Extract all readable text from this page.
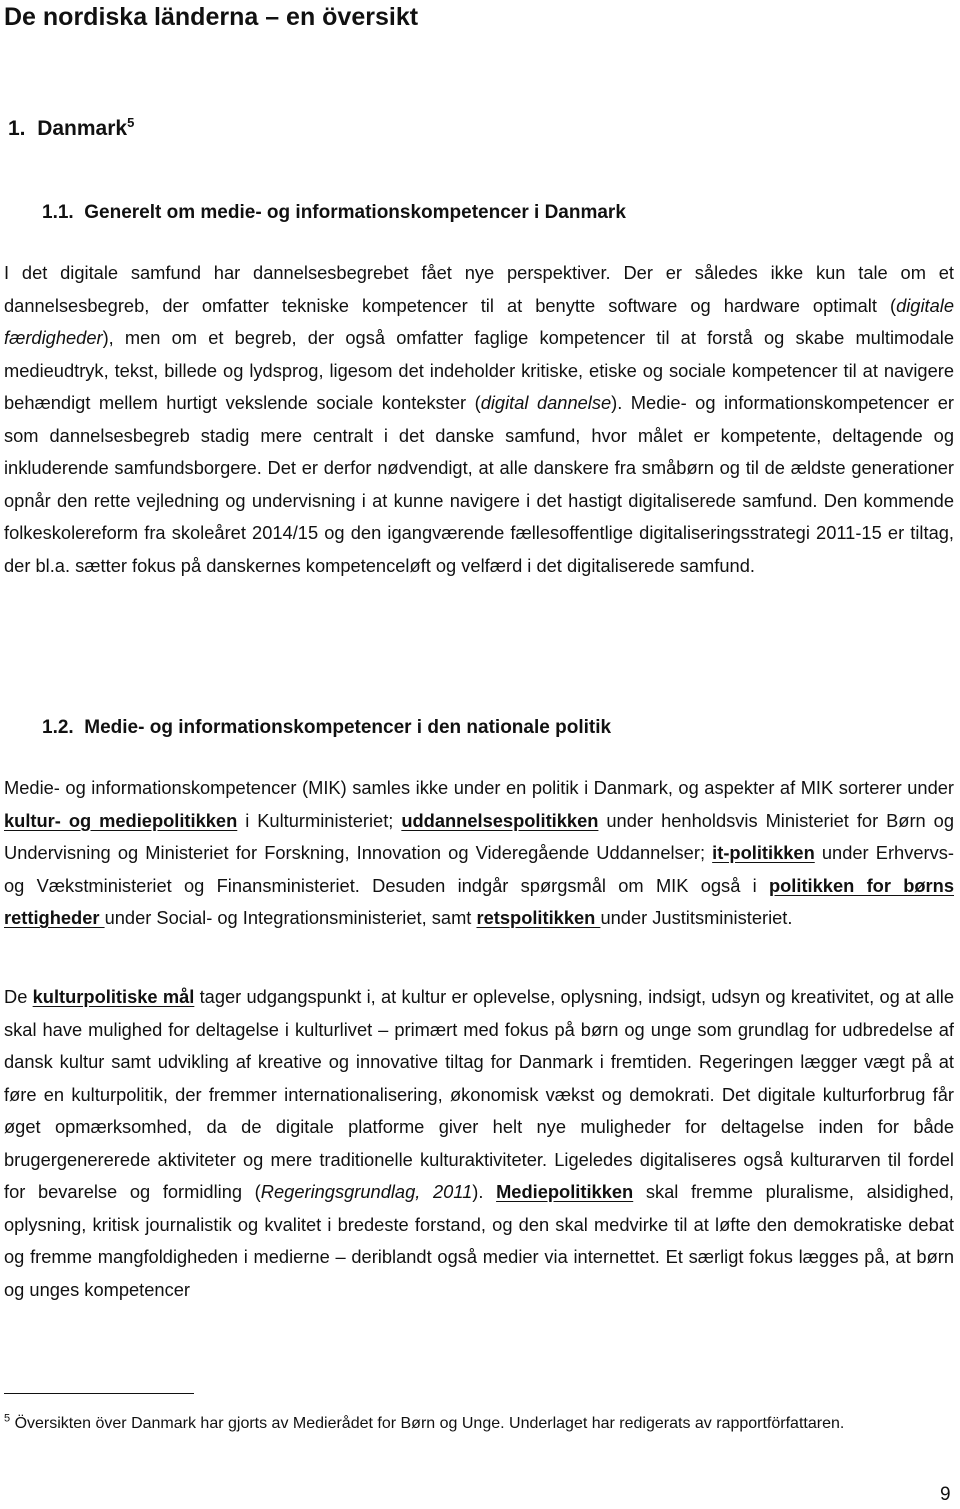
De nordiska länderna – en översikt
1. Danmark$^5$
1.1. Generelt om medie- og informationskompetencer i Danmark

I det digitale samfund har dannelsesbegrebet fået nye perspektiver. Der er således ikke kun tale om et dannelsesbegreb, der omfatter tekniske kompetencer til at benytte software og hardware optimalt (digitale færdigheder), men om et begreb, der også omfatter faglige kompetencer til at forstå og skabe multimodale medieudtryk, tekst, billede og lydsprog, ligesom det indeholder kritiske, etiske og sociale kompetencer til at navigere behændigt mellem hurtigt vekslende sociale kontekster (digital dannelse). Medie- og informationskompetencer er som dannelsesbegreb stadig mere centralt i det danske samfund, hvor målet er kompetente, deltagende og inkluderende samfundsborgere. Det er derfor nødvendigt, at alle danskere fra småbørn og til de ældste generationer opnår den rette vejledning og undervisning i at kunne navigere i det hastigt digitaliserede samfund. Den kommende folkeskolereform fra skoleåret 2014/15 og den igangværende fællesoffentlige digitaliseringsstrategi 2011-15 er tiltag, der bl.a. sætter fokus på danskernes kompetenceløft og velfærd i det digitaliserede samfund.

1.2. Medie- og informationskompetencer i den nationale politik

Medie- og informationskompetencer (MIK) samles ikke under en politik i Danmark, og aspekter af MIK sorterer under kultur- og mediepolitikken i Kulturministeriet; uddannelsespolitikken under henholdsvis Ministeriet for Børn og Undervisning og Ministeriet for Forskning, Innovation og Videregående Uddannelser; it-politikken under Erhvervs- og Vækstministeriet og Finansministeriet. Desuden indgår spørgsmål om MIK også i politikken for børns rettigheder under Social- og Integrationsministeriet, samt retspolitikken under Justitsministeriet.

De kulturpolitiske mål tager udgangspunkt i, at kultur er oplevelse, oplysning, indsigt, udsyn og kreativitet, og at alle skal have mulighed for deltagelse i kulturlivet – primært med fokus på børn og unge som grundlag for udbredelse af dansk kultur samt udvikling af kreative og innovative tiltag for Danmark i fremtiden. Regeringen lægger vægt på at føre en kulturpolitik, der fremmer internationalisering, økonomisk vækst og demokrati. Det digitale kulturforbrug får øget opmærksomhed, da de digitale platforme giver helt nye muligheder for deltagelse inden for både brugergenererede aktiviteter og mere traditionelle kulturaktiviteter. Ligeledes digitaliseres også kulturarven til fordel for bevarelse og formidling (Regeringsgrundlag, 2011). Mediepolitikken skal fremme pluralisme, alsidighed, oplysning, kritisk journalistik og kvalitet i bredeste forstand, og den skal medvirke til at løfte den demokratiske debat og fremme mangfoldigheden i medierne – deriblandt også medier via internettet. Et særligt fokus lægges på, at børn og unges kompetencer

$^5$ Översikten över Danmark har gjorts av Medierådet for Børn og Unge. Underlaget har redigerats av rapportförfattaren.

9
